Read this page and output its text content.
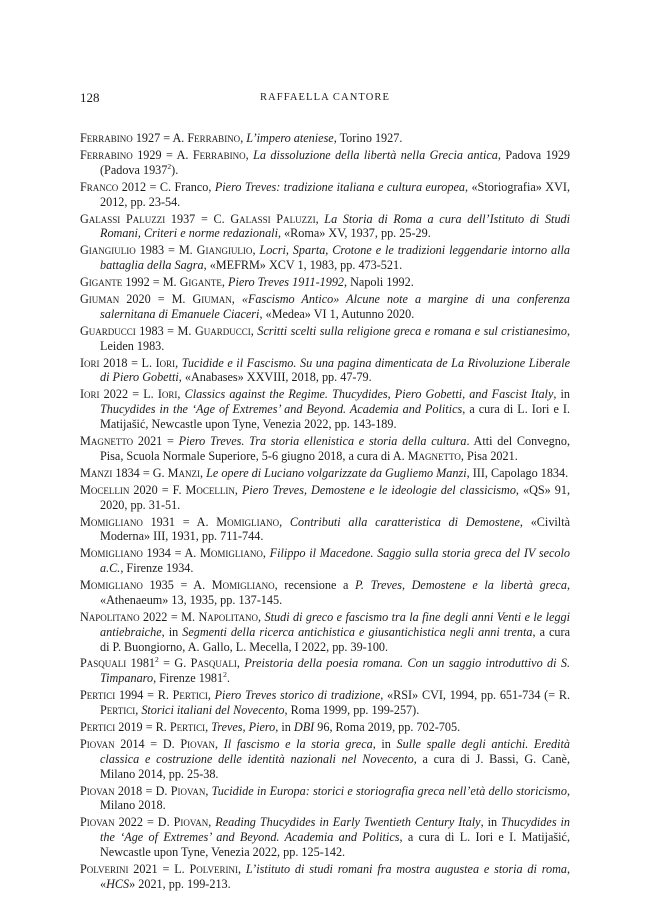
128	RAFFAELLA CANTORE

Ferrabino 1927 = A. Ferrabino, L’impero ateniese, Torino 1927.

Ferrabino 1929 = A. Ferrabino, La dissoluzione della libertà nella Grecia antica, Padova 1929 (Padova 1937$^2$).

Franco 2012 = C. Franco, Piero Treves: tradizione italiana e cultura europea, «Storiografia» XVI, 2012, pp. 23-54.

Galassi Paluzzi 1937 = C. Galassi Paluzzi, La Storia di Roma a cura dell’Istituto di Studi Romani, Criteri e norme redazionali, «Roma» XV, 1937, pp. 25-29.

Giangiulio 1983 = M. Giangiulio, Locri, Sparta, Crotone e le tradizioni leggendarie intorno alla battaglia della Sagra, «MEFRM» XCV 1, 1983, pp. 473-521.

Gigante 1992 = M. Gigante, Piero Treves 1911-1992, Napoli 1992.

Giuman 2020 = M. Giuman, «Fascismo Antico» Alcune note a margine di una conferenza salernitana di Emanuele Ciaceri, «Medea» VI 1, Autunno 2020.

Guarducci 1983 = M. Guarducci, Scritti scelti sulla religione greca e romana e sul cristianesimo, Leiden 1983.

Iori 2018 = L. Iori, Tucidide e il Fascismo. Su una pagina dimenticata de La Rivoluzione Liberale di Piero Gobetti, «Anabases» XXVIII, 2018, pp. 47-79.

Iori 2022 = L. Iori, Classics against the Regime. Thucydides, Piero Gobetti, and Fascist Italy, in Thucydides in the ‘Age of Extremes’ and Beyond. Academia and Politics, a cura di L. Iori e I. Matijašić, Newcastle upon Tyne, Venezia 2022, pp. 143-189.

Magnetto 2021 = Piero Treves. Tra storia ellenistica e storia della cultura. Atti del Convegno, Pisa, Scuola Normale Superiore, 5-6 giugno 2018, a cura di A. Magnetto, Pisa 2021.

Manzi 1834 = G. Manzi, Le opere di Luciano volgarizzate da Gugliemo Manzi, III, Capolago 1834.

Mocellin 2020 = F. Mocellin, Piero Treves, Demostene e le ideologie del classicismo, «QS» 91, 2020, pp. 31-51.

Momigliano 1931 = A. Momigliano, Contributi alla caratteristica di Demostene, «Civiltà Moderna» III, 1931, pp. 711-744.

Momigliano 1934 = A. Momigliano, Filippo il Macedone. Saggio sulla storia greca del IV secolo a.C., Firenze 1934.

Momigliano 1935 = A. Momigliano, recensione a P. Treves, Demostene e la libertà greca, «Athenaeum» 13, 1935, pp. 137-145.

Napolitano 2022 = M. Napolitano, Studi di greco e fascismo tra la fine degli anni Venti e le leggi antiebraiche, in Segmenti della ricerca antichistica e giusantichistica negli anni trenta, a cura di P. Buongiorno, A. Gallo, L. Mecella, I 2022, pp. 39-100.

Pasquali $1981^2 = G$. Pasquali, Preistoria della poesia romana. Con un saggio introduttivo di S. Timpanaro, Firenze 1981$^2$.

Pertici 1994 = R. Pertici, Piero Treves storico di tradizione, «RSI» CVI, 1994, pp. 651-734 (= R. Pertici, Storici italiani del Novecento, Roma 1999, pp. 199-257).

Pertici 2019 = R. Pertici, Treves, Piero, in DBI 96, Roma 2019, pp. 702-705.

Piovan 2014 = D. Piovan, Il fascismo e la storia greca, in Sulle spalle degli antichi. Eredità classica e costruzione delle identità nazionali nel Novecento, a cura di J. Bassi, G. Canè, Milano 2014, pp. 25-38.

Piovan 2018 = D. Piovan, Tucidide in Europa: storici e storiografia greca nell’età dello storicismo, Milano 2018.

Piovan 2022 = D. Piovan, Reading Thucydides in Early Twentieth Century Italy, in Thucydides in the ‘Age of Extremes’ and Beyond. Academia and Politics, a cura di L. Iori e I. Matijašić, Newcastle upon Tyne, Venezia 2022, pp. 125-142.

Polverini 2021 = L. Polverini, L’istituto di studi romani fra mostra augustea e storia di roma, «HCS» 2021, pp. 199-213.
